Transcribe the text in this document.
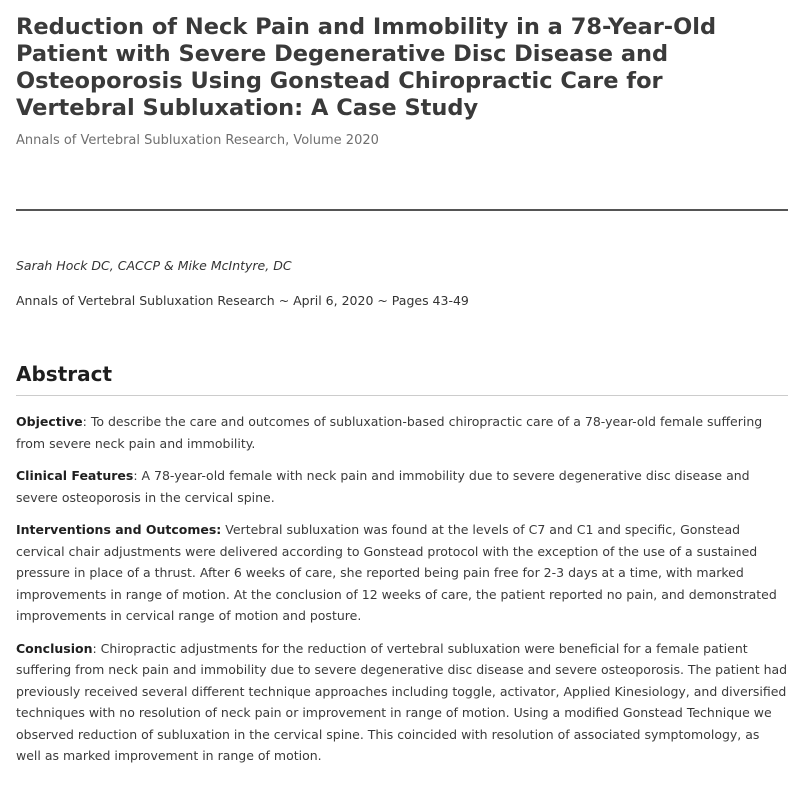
Reduction of Neck Pain and Immobility in a 78-Year-Old Patient with Severe Degenerative Disc Disease and Osteoporosis Using Gonstead Chiropractic Care for Vertebral Subluxation: A Case Study
Annals of Vertebral Subluxation Research, Volume 2020
Sarah Hock DC, CACCP & Mike McIntyre, DC
Annals of Vertebral Subluxation Research ~ April 6, 2020 ~ Pages 43-49
Abstract

Objective: To describe the care and outcomes of subluxation-based chiropractic care of a 78-year-old female suffering from severe neck pain and immobility.

Clinical Features: A 78-year-old female with neck pain and immobility due to severe degenerative disc disease and severe osteoporosis in the cervical spine.

Interventions and Outcomes: Vertebral subluxation was found at the levels of C7 and C1 and specific, Gonstead cervical chair adjustments were delivered according to Gonstead protocol with the exception of the use of a sustained pressure in place of a thrust. After 6 weeks of care, she reported being pain free for 2-3 days at a time, with marked improvements in range of motion. At the conclusion of 12 weeks of care, the patient reported no pain, and demonstrated improvements in cervical range of motion and posture.

Conclusion: Chiropractic adjustments for the reduction of vertebral subluxation were beneficial for a female patient suffering from neck pain and immobility due to severe degenerative disc disease and severe osteoporosis. The patient had previously received several different technique approaches including toggle, activator, Applied Kinesiology, and diversified techniques with no resolution of neck pain or improvement in range of motion. Using a modified Gonstead Technique we observed reduction of subluxation in the cervical spine. This coincided with resolution of associated symptomology, as well as marked improvement in range of motion.
